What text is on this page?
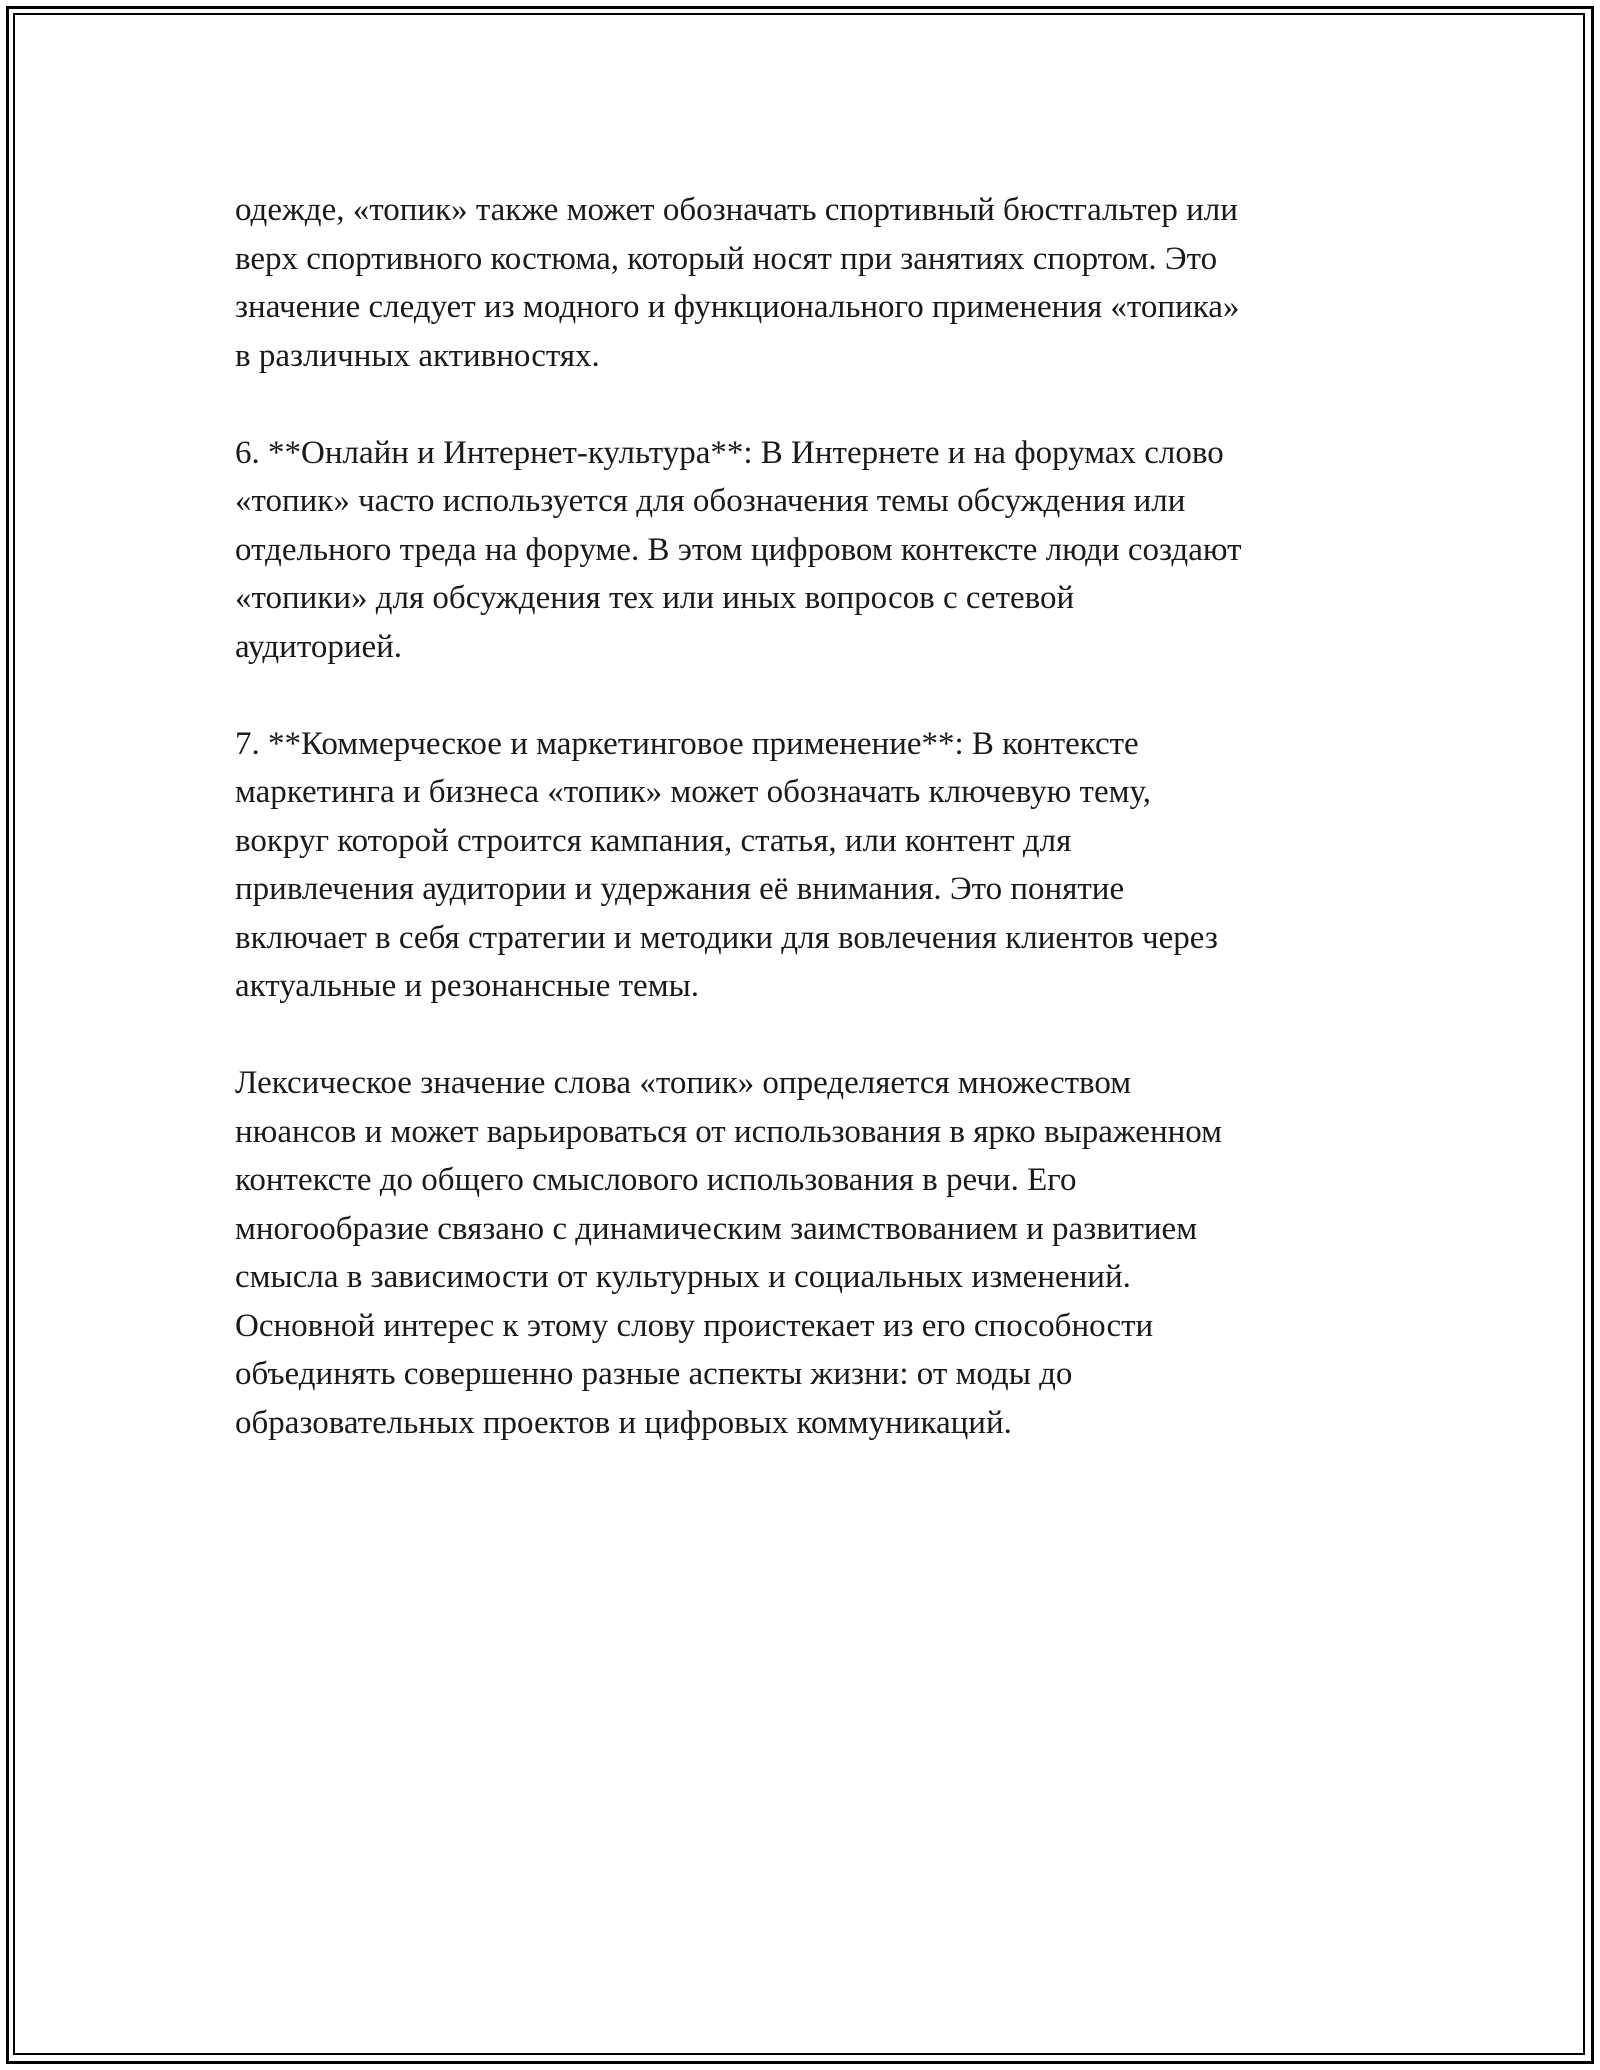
одежде, «топик» также может обозначать спортивный бюстгальтер или
верх спортивного костюма, который носят при занятиях спортом. Это
значение следует из модного и функционального применения «топика»
в различных активностях.

6. **Онлайн и Интернет-культура**: В Интернете и на форумах слово
«топик» часто используется для обозначения темы обсуждения или
отдельного треда на форуме. В этом цифровом контексте люди создают
«топики» для обсуждения тех или иных вопросов с сетевой
аудиторией.

7. **Коммерческое и маркетинговое применение**: В контексте
маркетинга и бизнеса «топик» может обозначать ключевую тему,
вокруг которой строится кампания, статья, или контент для
привлечения аудитории и удержания её внимания. Это понятие
включает в себя стратегии и методики для вовлечения клиентов через
актуальные и резонансные темы.

Лексическое значение слова «топик» определяется множеством
нюансов и может варьироваться от использования в ярко выраженном
контексте до общего смыслового использования в речи. Его
многообразие связано с динамическим заимствованием и развитием
смысла в зависимости от культурных и социальных изменений.
Основной интерес к этому слову проистекает из его способности
объединять совершенно разные аспекты жизни: от моды до
образовательных проектов и цифровых коммуникаций.
